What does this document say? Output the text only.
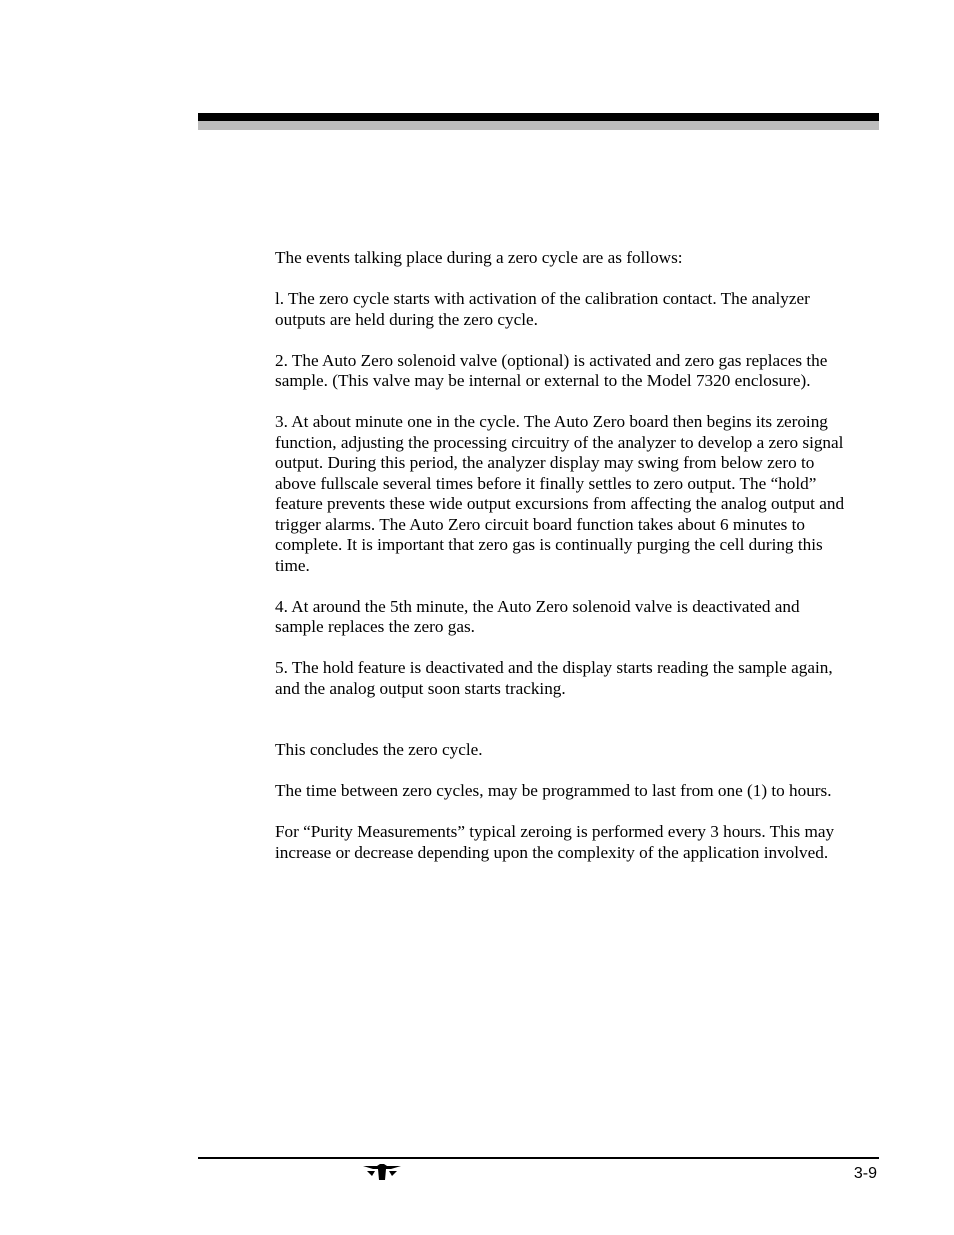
The events talking place during a zero cycle are as follows:

l. The zero cycle starts with activation of the calibration contact. The analyzer outputs are held during the zero cycle.

2. The Auto Zero solenoid valve (optional) is activated and zero gas replaces the sample. (This valve may be internal or external to the Model 7320 enclosure).

3. At about minute one in the cycle. The Auto Zero board then begins its zeroing function, adjusting the processing circuitry of the analyzer to develop a zero signal output. During this period, the analyzer display may swing from below zero to above fullscale several times before it finally settles to zero output. The “hold” feature prevents these wide output excursions from affecting the analog output and trigger alarms. The Auto Zero circuit board function takes about 6 minutes to complete. It is important that zero gas is continually purging the cell during this time.

4. At around the 5th minute, the Auto Zero solenoid valve is deactivated and sample replaces the zero gas.

5. The hold feature is deactivated and the display starts reading the sample again, and the analog output soon starts tracking.

This concludes the zero cycle.

The time between zero cycles, may be programmed to last from one (1) to hours.

For “Purity Measurements” typical zeroing is performed every 3 hours. This may increase or decrease depending upon the complexity of the application involved.

3-9
